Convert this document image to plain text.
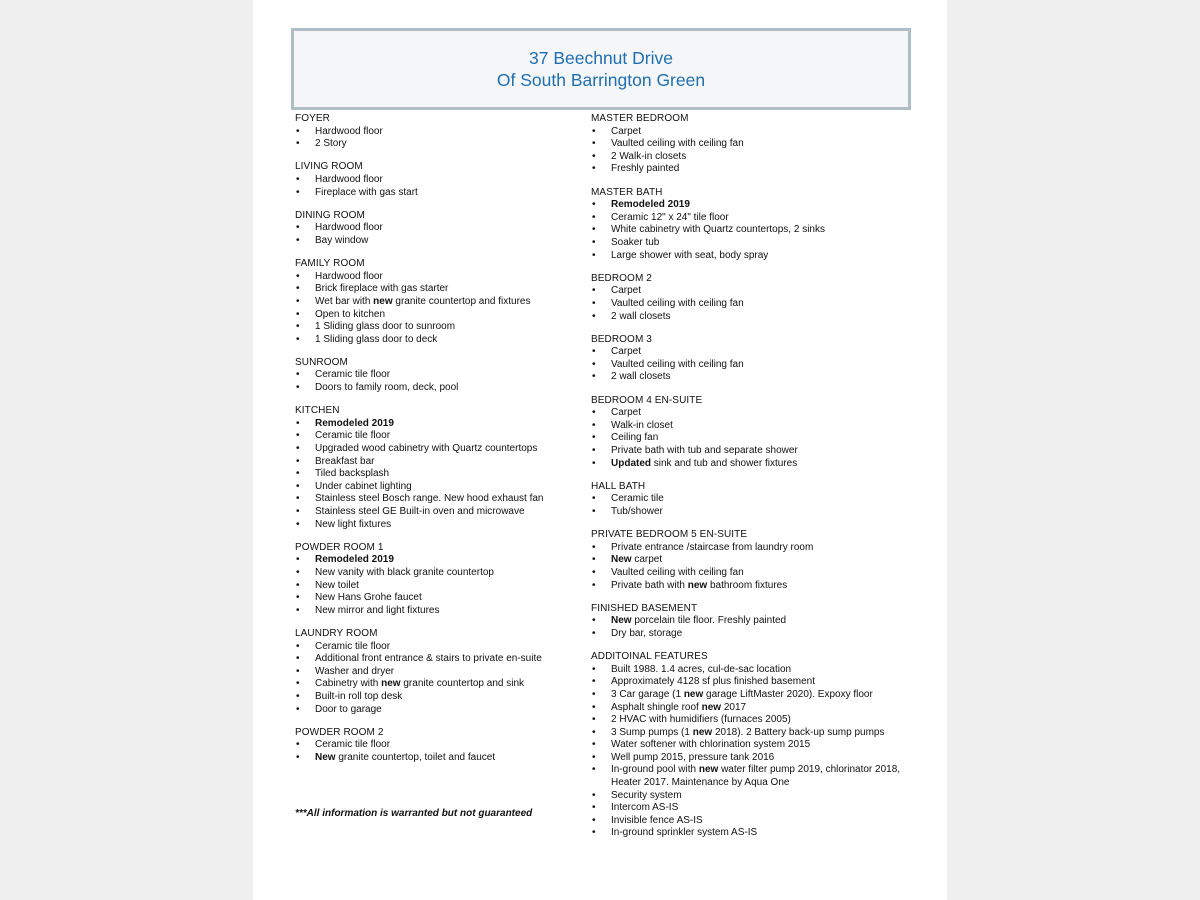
37 Beechnut Drive
Of South Barrington Green
FOYER
• Hardwood floor
• 2 Story
LIVING ROOM
• Hardwood floor
• Fireplace with gas start
DINING ROOM
• Hardwood floor
• Bay window
FAMILY ROOM
• Hardwood floor
• Brick fireplace with gas starter
• Wet bar with new granite countertop and fixtures
• Open to kitchen
• 1 Sliding glass door to sunroom
• 1 Sliding glass door to deck
SUNROOM
• Ceramic tile floor
• Doors to family room, deck, pool
KITCHEN
• Remodeled 2019
• Ceramic tile floor
• Upgraded wood cabinetry with Quartz countertops
• Breakfast bar
• Tiled backsplash
• Under cabinet lighting
• Stainless steel Bosch range. New hood exhaust fan
• Stainless steel GE Built-in oven and microwave
• New light fixtures
POWDER ROOM 1
• Remodeled 2019
• New vanity with black granite countertop
• New toilet
• New Hans Grohe faucet
• New mirror and light fixtures
LAUNDRY ROOM
• Ceramic tile floor
• Additional front entrance & stairs to private en-suite
• Washer and dryer
• Cabinetry with new granite countertop and sink
• Built-in roll top desk
• Door to garage
POWDER ROOM 2
• Ceramic tile floor
• New granite countertop, toilet and faucet
MASTER BEDROOM
• Carpet
• Vaulted ceiling with ceiling fan
• 2 Walk-in closets
• Freshly painted
MASTER BATH
• Remodeled 2019
• Ceramic 12" x 24" tile floor
• White cabinetry with Quartz countertops, 2 sinks
• Soaker tub
• Large shower with seat, body spray
BEDROOM 2
• Carpet
• Vaulted ceiling with ceiling fan
• 2 wall closets
BEDROOM 3
• Carpet
• Vaulted ceiling with ceiling fan
• 2 wall closets
BEDROOM 4 EN-SUITE
• Carpet
• Walk-in closet
• Ceiling fan
• Private bath with tub and separate shower
• Updated sink and tub and shower fixtures
HALL BATH
• Ceramic tile
• Tub/shower
PRIVATE BEDROOM 5 EN-SUITE
• Private entrance /staircase from laundry room
• New carpet
• Vaulted ceiling with ceiling fan
• Private bath with new bathroom fixtures
FINISHED BASEMENT
• New porcelain tile floor. Freshly painted
• Dry bar, storage
ADDITOINAL FEATURES
• Built 1988. 1.4 acres, cul-de-sac location
• Approximately 4128 sf plus finished basement
• 3 Car garage (1 new garage LiftMaster 2020). Expoxy floor
• Asphalt shingle roof new 2017
• 2 HVAC with humidifiers (furnaces 2005)
• 3 Sump pumps (1 new 2018). 2 Battery back-up sump pumps
• Water softener with chlorination system 2015
• Well pump 2015, pressure tank 2016
• In-ground pool with new water filter pump 2019, chlorinator 2018, Heater 2017. Maintenance by Aqua One
• Security system
• Intercom AS-IS
• Invisible fence AS-IS
• In-ground sprinkler system AS-IS
***All information is warranted but not guaranteed
